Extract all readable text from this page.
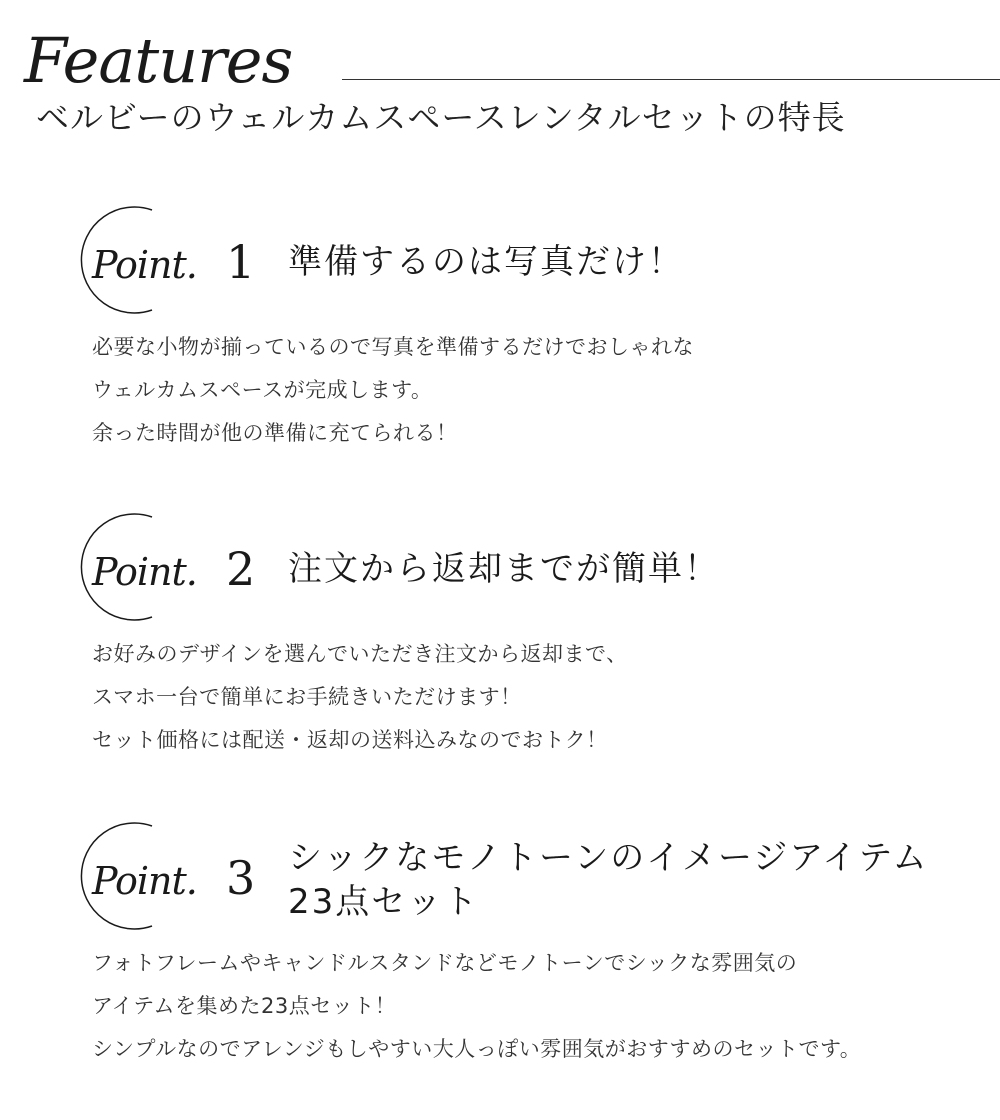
Features
ベルビーのウェルカムスペースレンタルセットの特長
Point. 1 準備するのは写真だけ！
必要な小物が揃っているので写真を準備するだけでおしゃれな
ウェルカムスペースが完成します。
余った時間が他の準備に充てられる！
Point. 2 注文から返却までが簡単！
お好みのデザインを選んでいただき注文から返却まで、
スマホ一台で簡単にお手続きいただけます！
セット価格には配送・返却の送料込みなのでおトク！
Point. 3 シックなモノトーンのイメージアイテム
23点セット
フォトフレームやキャンドルスタンドなどモノトーンでシックな雰囲気の
アイテムを集めた23点セット！
シンプルなのでアレンジもしやすい大人っぽい雰囲気がおすすめのセットです。
